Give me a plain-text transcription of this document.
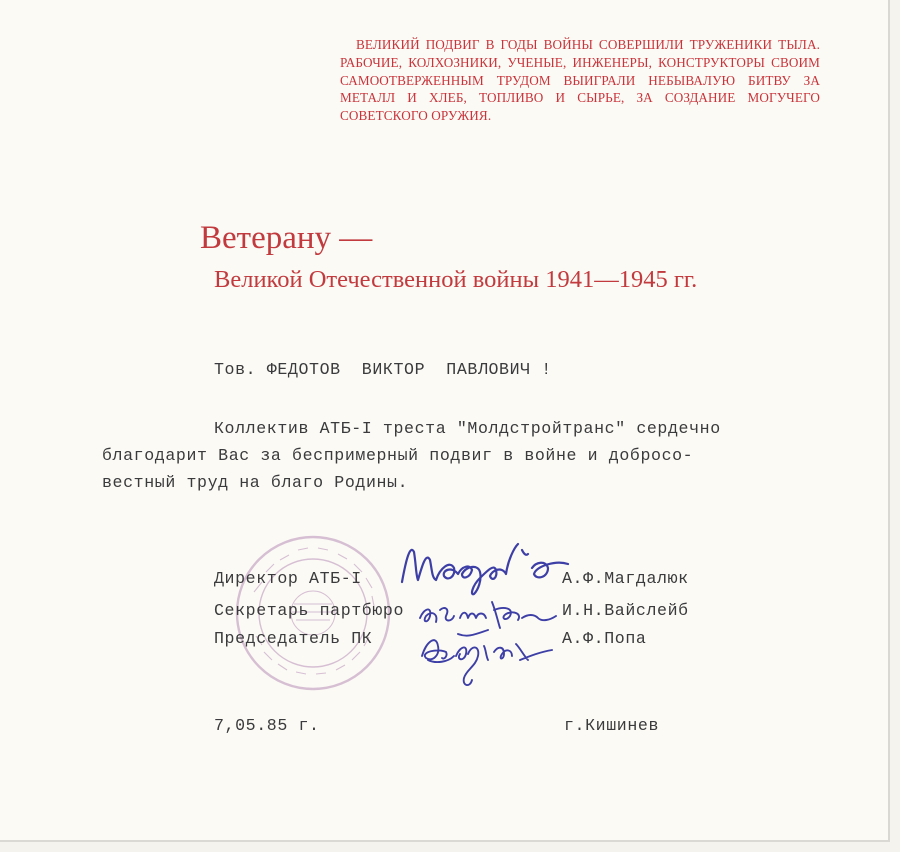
ВЕЛИКИЙ ПОДВИГ В ГОДЫ ВОЙНЫ СОВЕРШИЛИ ТРУЖЕНИКИ ТЫЛА. РАБОЧИЕ, КОЛХОЗНИКИ, УЧЕНЫЕ, ИНЖЕНЕРЫ, КОНСТРУКТОРЫ СВОИМ САМООТВЕРЖЕННЫМ ТРУДОМ ВЫИГРАЛИ НЕБЫВАЛУЮ БИТВУ ЗА МЕТАЛЛ И ХЛЕБ, ТОПЛИВО И СЫРЬЕ, ЗА СОЗДАНИЕ МОГУЧЕГО СОВЕТСКОГО ОРУЖИЯ.
Ветерану —
Великой Отечественной войны 1941—1945 гг.
Тов. ФЕДОТОВ  ВИКТОР  ПАВЛОВИЧ !
Коллектив АТБ-I треста "Молдстройтранс" сердечно
благодарит Вас за беспримерный подвиг в войне и добросо-
вестный труд на благо Родины.
Директор АТБ-I	А.Ф.Магдалюк
Секретарь партбюро	И.Н.Вайслейб
Председатель ПК	А.Ф.Попа
7,05.85 г.	г.Кишинев
